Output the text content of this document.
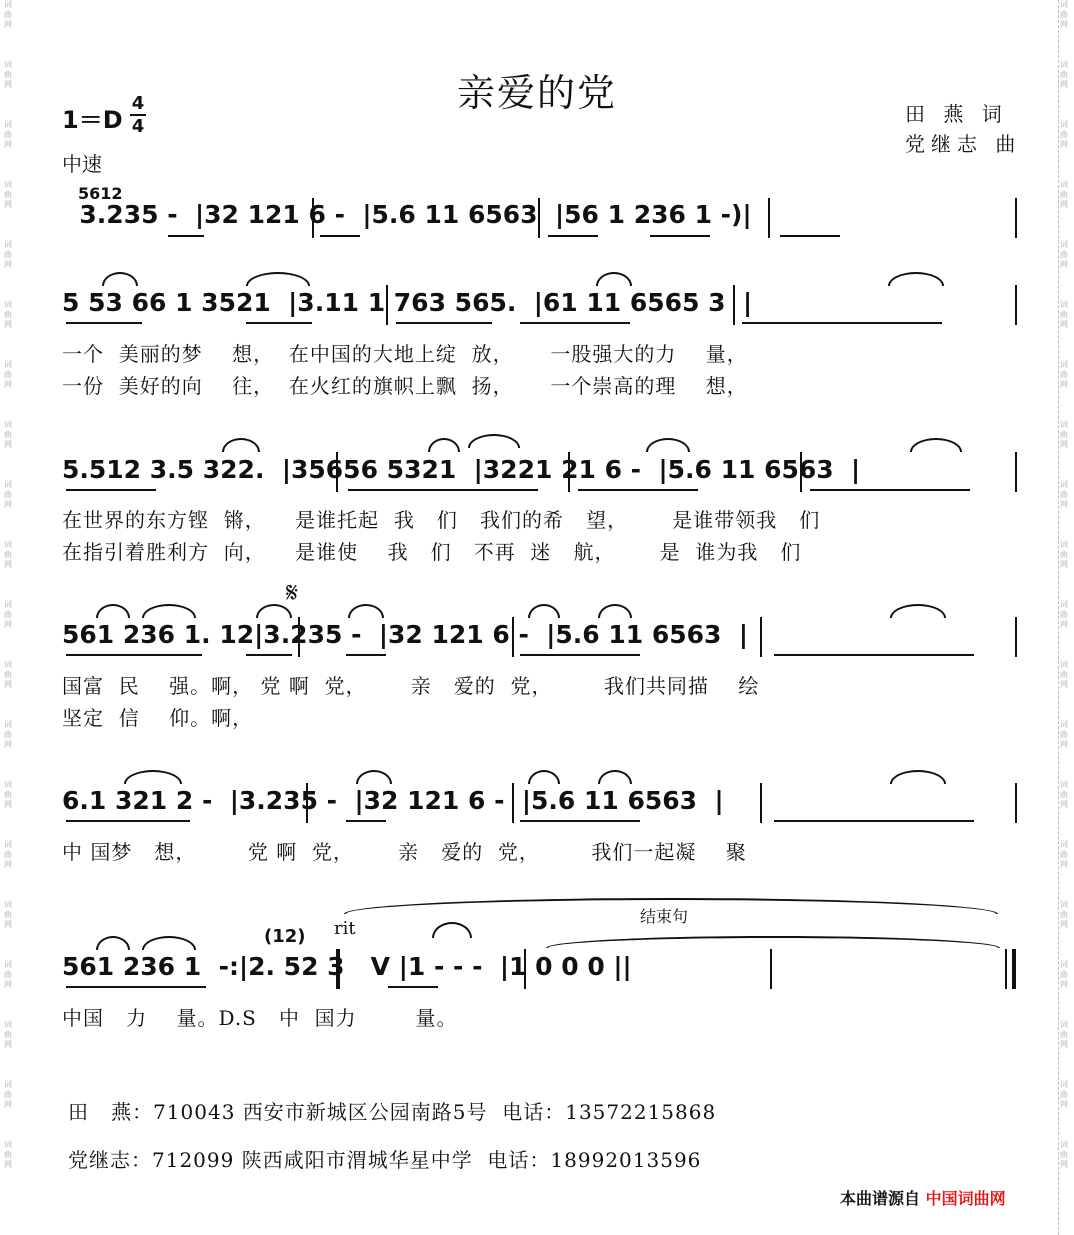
词
曲
网
词
曲
网
词
曲
网
词
曲
网
词
曲
网
词
曲
网
词
曲
网
词
曲
网
词
曲
网
词
曲
网
词
曲
网
词
曲
网
词
曲
网
词
曲
网
词
曲
网
词
曲
网
词
曲
网
词
曲
网
词
曲
网
词
曲
网
词
曲
网
词
曲
网
词
曲
网
词
曲
网
词
曲
网
词
曲
网
词
曲
网
词
曲
网
词
曲
网
词
曲
网
词
曲
网
词
曲
网
词
曲
网
词
曲
网
词
曲
网
词
曲
网
词
曲
网
词
曲
网
词
曲
网
词
曲
网
亲爱的党
1＝D
4
4
中速
田 燕 词
党继志 曲
5612
3.235 -  |32 121 6 -  |5.6 11 6563  |56 1 236 1 -)|
5 53 66 1 3521  |3.11 1 763 565.  |61 11 6565 3  |
一个  美丽的梦    想，  在中国的大地上绽  放，     一股强大的力    量，
一份  美好的向    往，  在火红的旗帜上飘  扬，     一个崇高的理    想，
5.512 3.5 322.  |35656 5321  |3221 21 6 -  |5.6 11 6563  |
在世界的东方铿  锵，    是谁托起  我   们   我们的希   望，      是谁带领我   们
在指引着胜利方  向，    是谁使    我   们   不再  迷   航，      是  谁为我   们
𝄋
561 236 1. 12|3.235 -  |32 121 6 -  |5.6 11 6563  |
国富  民    强。啊， 党 啊  党，      亲   爱的  党，       我们共同描    绘
坚定  信    仰。啊，
6.1 321 2 -  |3.235 -  |32 121 6 -  |5.6 11 6563  |
中 国梦   想，       党 啊  党，      亲   爱的  党，       我们一起凝    聚
结束句
rit
(12)
561 236 1  -:|2. 52 3   V |1 - - -  |1 0 0 0 ||
中国   力    量。D.S   中  国力        量。
田   燕：710043 西安市新城区公园南路5号  电话：13572215868
党继志：712099 陕西咸阳市渭城华星中学  电话：18992013596
本曲谱源自 中国词曲网
